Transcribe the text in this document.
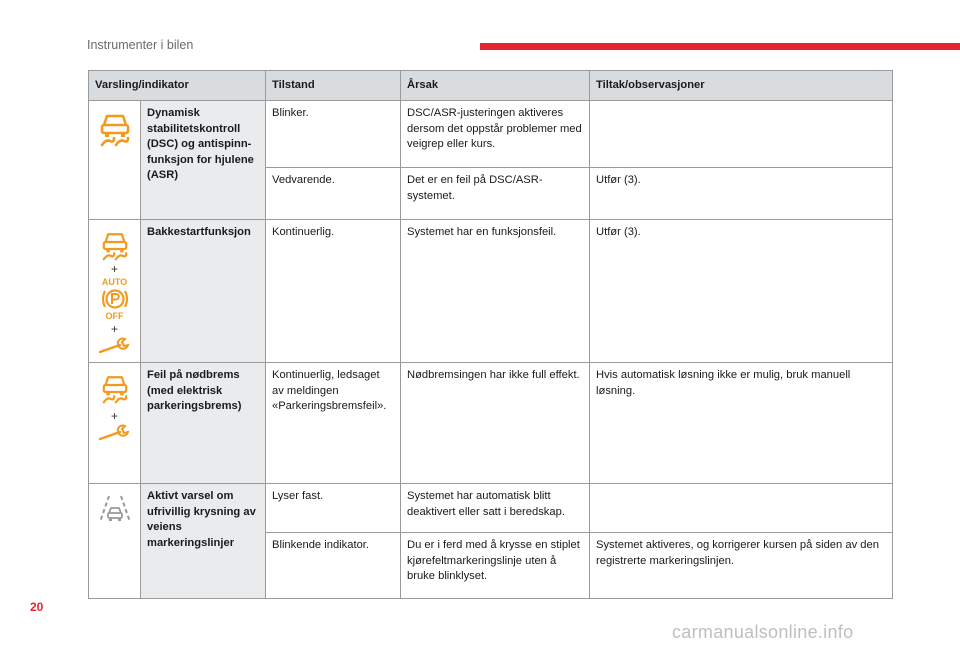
Instrumenter i bilen
Varsling/indikator		Tilstand	Årsak	Tiltak/observasjoner

	Dynamisk stabilitetskontroll (DSC) og antispinn-funksjon for hjulene (ASR)	Blinker.	DSC/ASR-justeringen aktiveres dersom det oppstår problemer med veigrep eller kurs.	
		Vedvarende.	Det er en feil på DSC/ASR-systemet.	Utfør (3).

+
AUTO
OFF
+	Bakkestartfunksjon	Kontinuerlig.	Systemet har en funksjonsfeil.	Utfør (3).

+	Feil på nødbrems (med elektrisk parkeringsbrems)	Kontinuerlig, ledsaget av meldingen «Parkeringsbremsfeil».	Nødbremsingen har ikke full effekt.	Hvis automatisk løsning ikke er mulig, bruk manuell løsning.

	Aktivt varsel om ufrivillig krysning av veiens markeringslinjer	Lyser fast.	Systemet har automatisk blitt deaktivert eller satt i beredskap.	
		Blinkende indikator.	Du er i ferd med å krysse en stiplet kjørefeltmarkeringslinje uten å bruke blinklyset.	Systemet aktiveres, og korrigerer kursen på siden av den registrerte markeringslinjen.
20
carmanualsonline.info
